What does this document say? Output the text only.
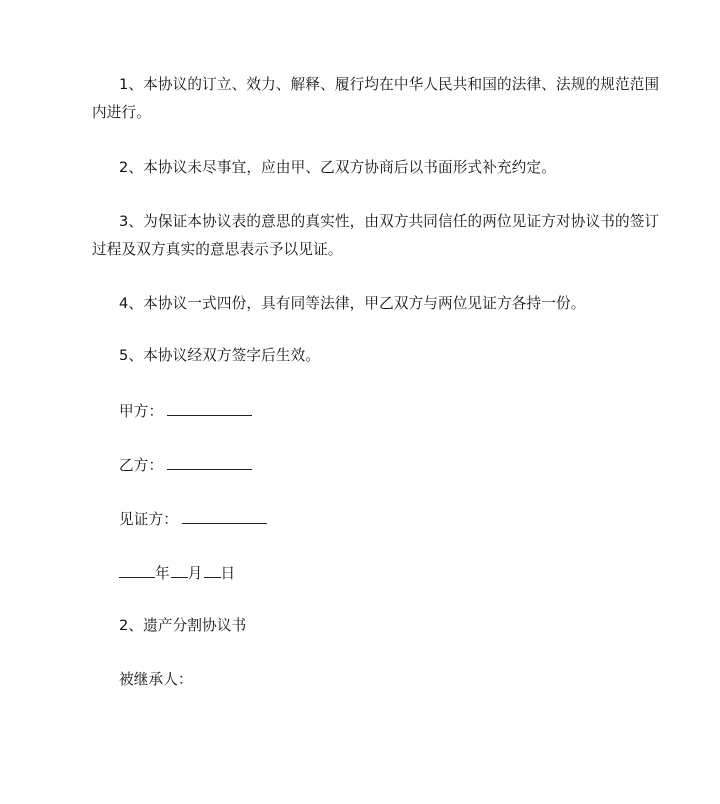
1、本协议的订立、效力、解释、履行均在中华人民共和国的法律、法规的规范范围
内进行。
2、本协议未尽事宜，应由甲、乙双方协商后以书面形式补充约定。
3、为保证本协议表的意思的真实性，由双方共同信任的两位见证方对协议书的签订
过程及双方真实的意思表示予以见证。
4、本协议一式四份，具有同等法律，甲乙双方与两位见证方各持一份。
5、本协议经双方签字后生效。
甲方：
乙方：
见证方：
年 月 日
2、遗产分割协议书
被继承人：
